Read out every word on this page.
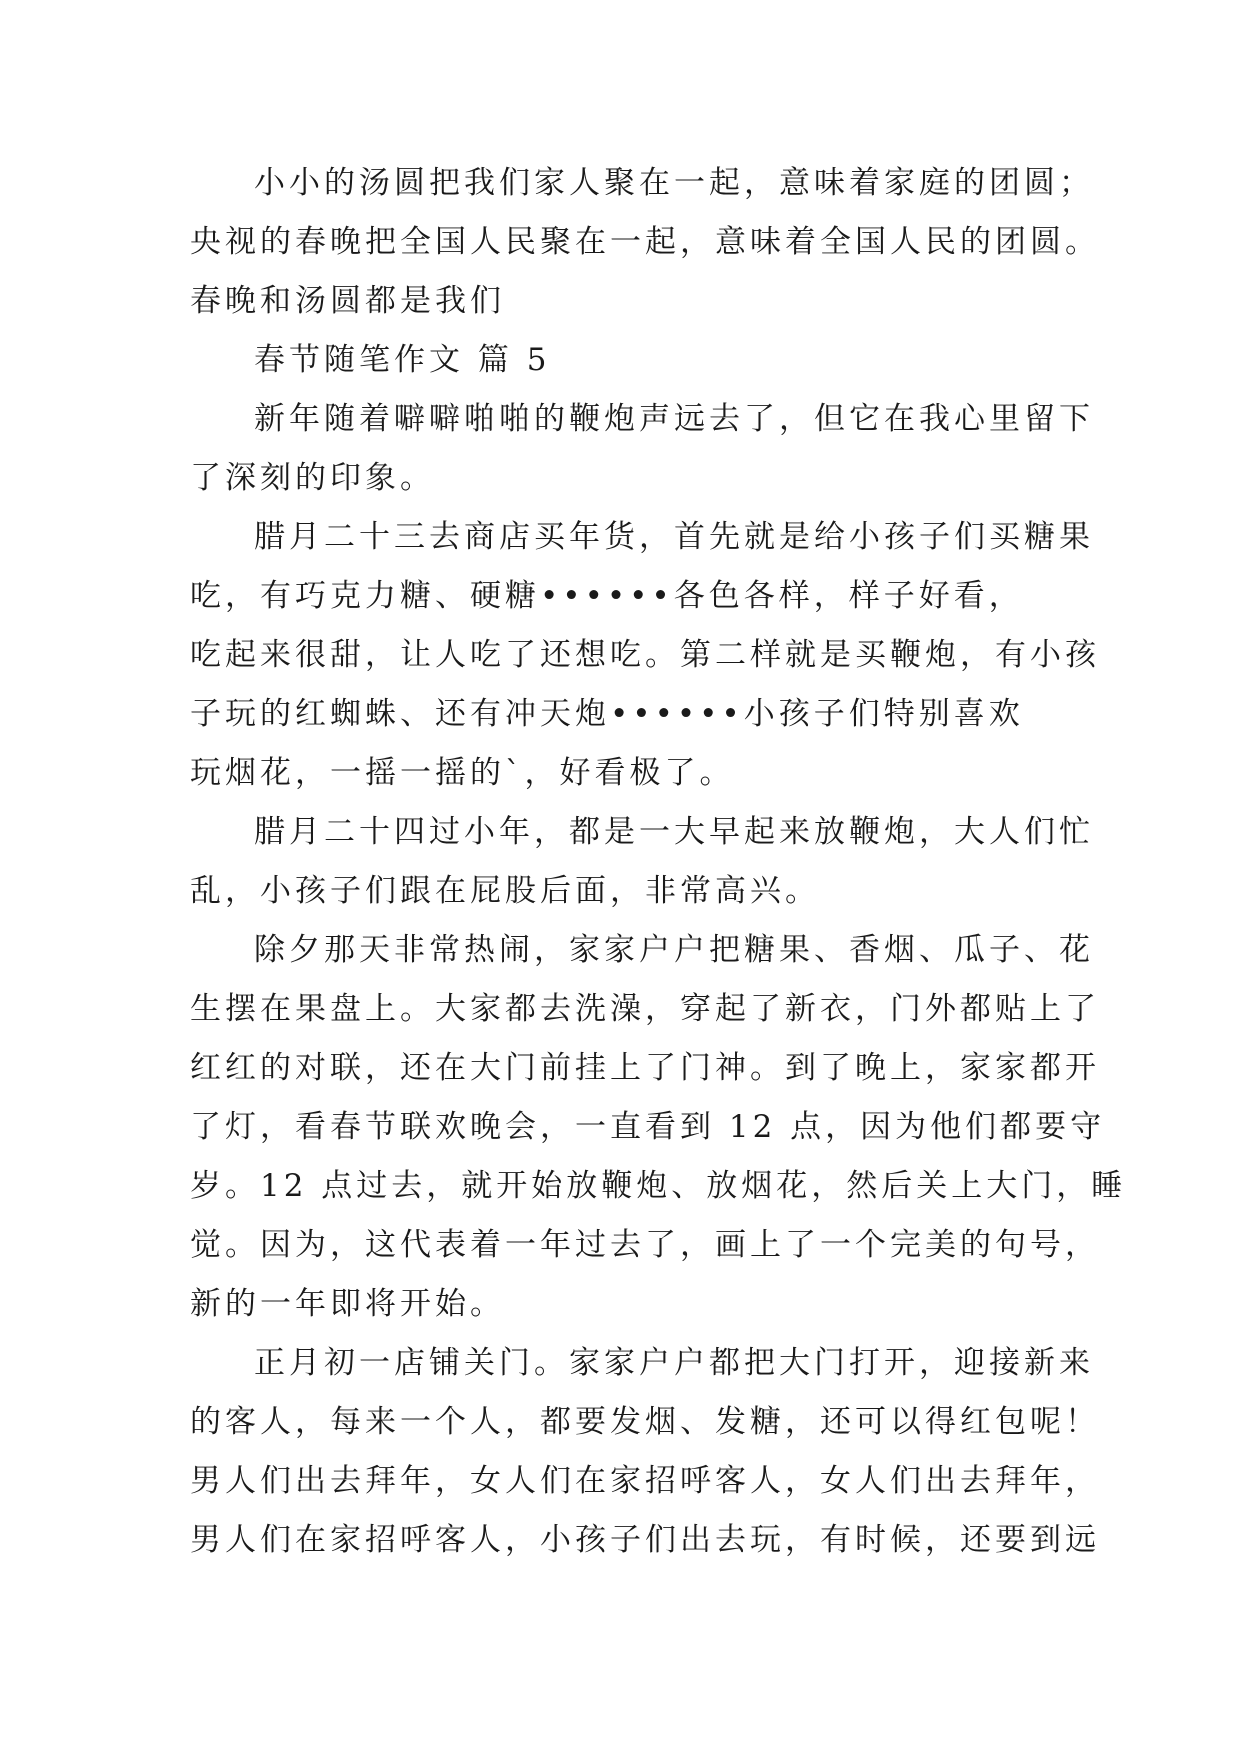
小小的汤圆把我们家人聚在一起，意味着家庭的团圆；
央视的春晚把全国人民聚在一起，意味着全国人民的团圆。
春晚和汤圆都是我们
春节随笔作文 篇 5
新年随着噼噼啪啪的鞭炮声远去了，但它在我心里留下
了深刻的印象。
腊月二十三去商店买年货，首先就是给小孩子们买糖果
吃，有巧克力糖、硬糖••••••各色各样，样子好看，
吃起来很甜，让人吃了还想吃。第二样就是买鞭炮，有小孩
子玩的红蜘蛛、还有冲天炮••••••小孩子们特别喜欢
玩烟花，一摇一摇的`，好看极了。
腊月二十四过小年，都是一大早起来放鞭炮，大人们忙
乱，小孩子们跟在屁股后面，非常高兴。
除夕那天非常热闹，家家户户把糖果、香烟、瓜子、花
生摆在果盘上。大家都去洗澡，穿起了新衣，门外都贴上了
红红的对联，还在大门前挂上了门神。到了晚上，家家都开
了灯，看春节联欢晚会，一直看到 12 点，因为他们都要守
岁。12 点过去，就开始放鞭炮、放烟花，然后关上大门，睡
觉。因为，这代表着一年过去了，画上了一个完美的句号，
新的一年即将开始。
正月初一店铺关门。家家户户都把大门打开，迎接新来
的客人，每来一个人，都要发烟、发糖，还可以得红包呢！
男人们出去拜年，女人们在家招呼客人，女人们出去拜年，
男人们在家招呼客人，小孩子们出去玩，有时候，还要到远
